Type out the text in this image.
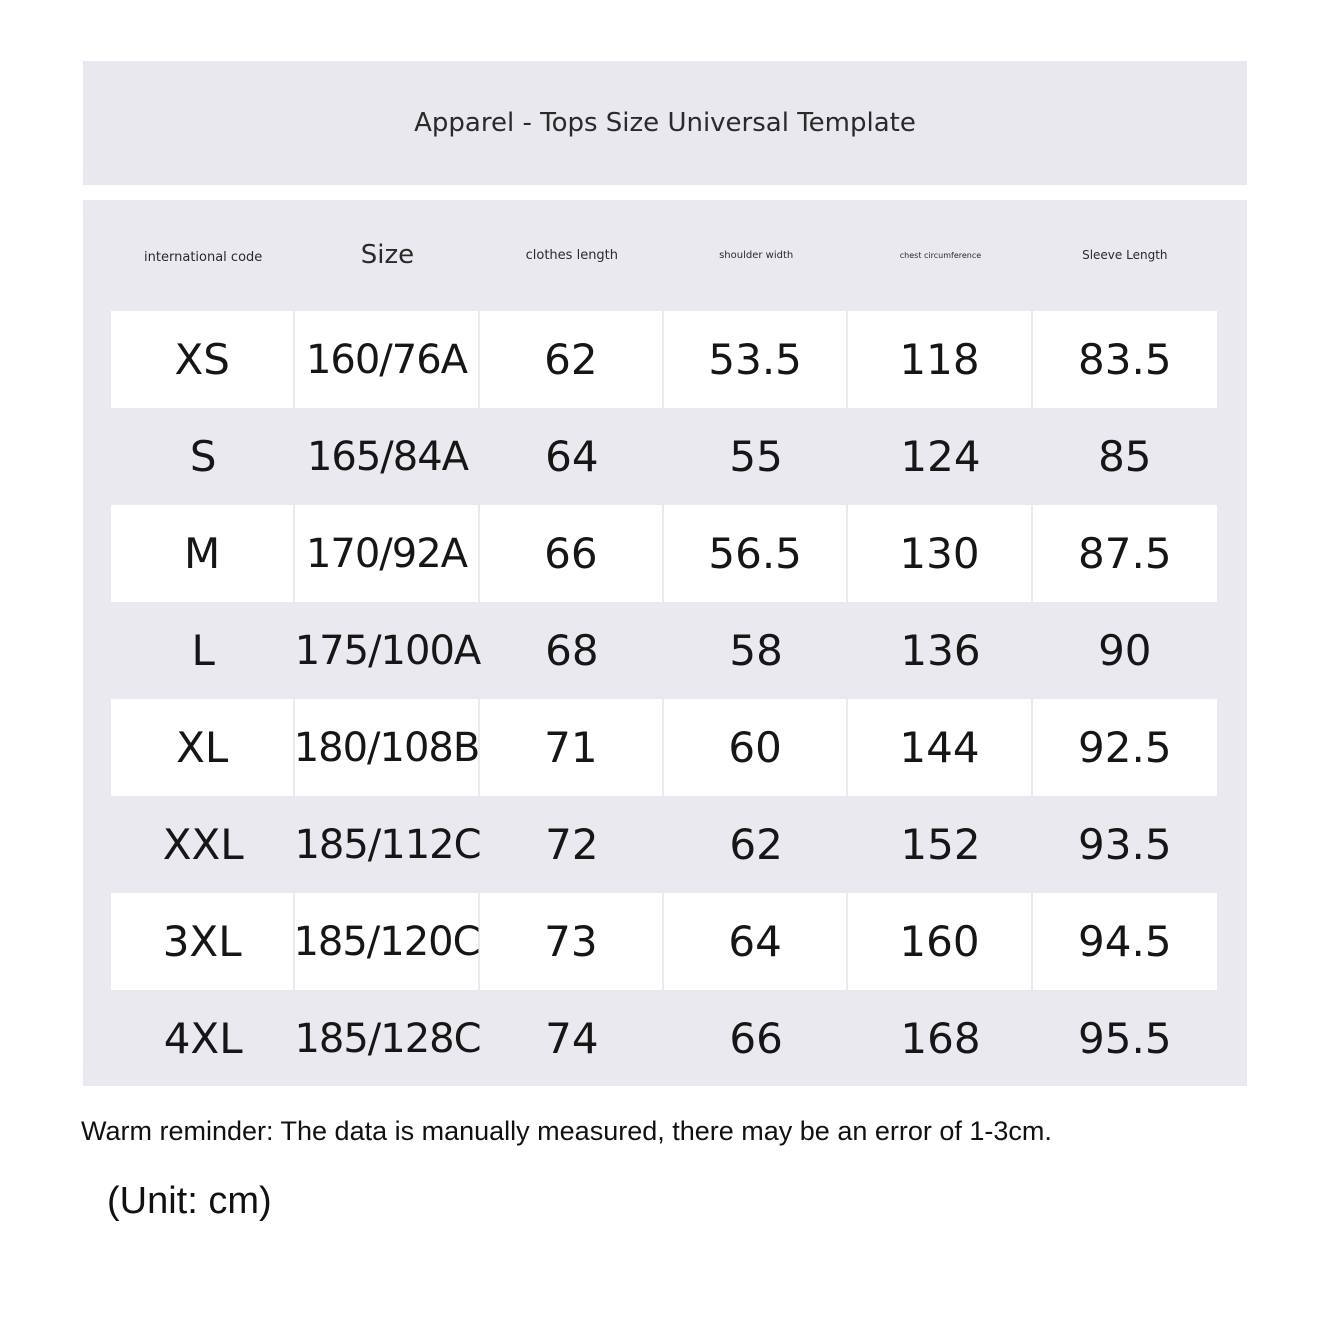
Apparel - Tops Size Universal Template
international code	Size	clothes length	shoulder width	chest circumference	Sleeve Length
XS	160/76A	62	53.5	118	83.5
S	165/84A	64	55	124	85
M	170/92A	66	56.5	130	87.5
L	175/100A	68	58	136	90
XL	180/108B	71	60	144	92.5
XXL	185/112C	72	62	152	93.5
3XL	185/120C	73	64	160	94.5
4XL	185/128C	74	66	168	95.5
Warm reminder: The data is manually measured, there may be an error of 1-3cm.
(Unit: cm)
